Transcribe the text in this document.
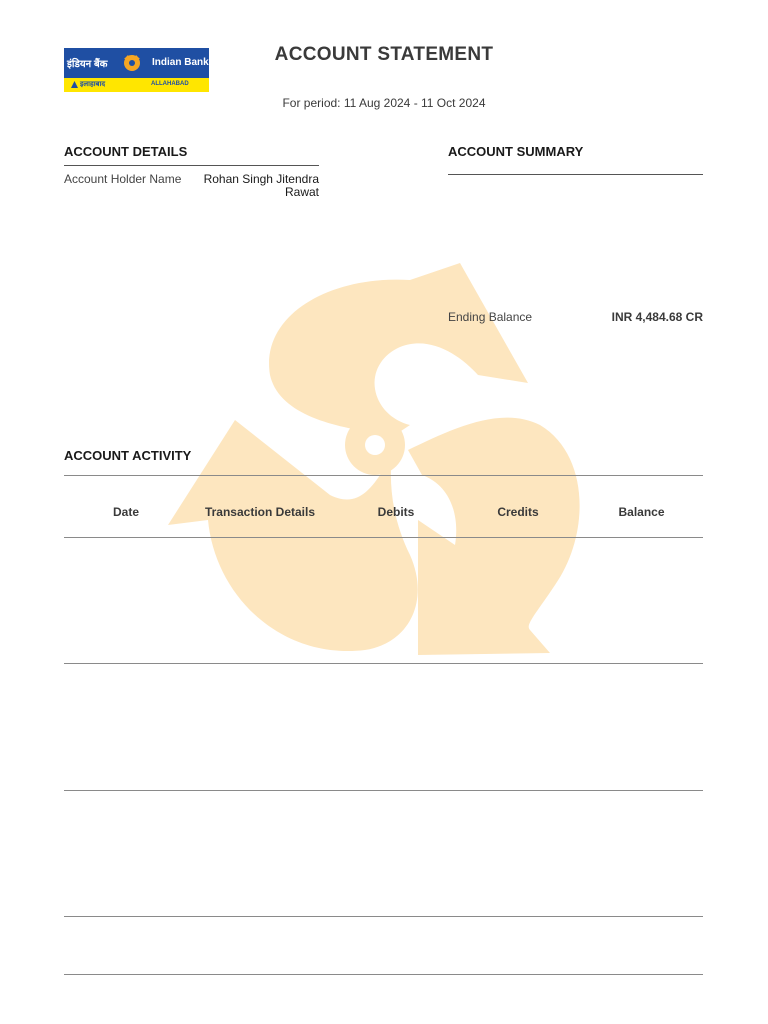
इंडियन बैंक	Indian Bank
इलाहाबाद	ALLAHABAD
ACCOUNT STATEMENT
For period: 11 Aug 2024 - 11 Oct 2024
ACCOUNT DETAILS
Account Holder Name	Rohan Singh Jitendra
Rawat
ACCOUNT SUMMARY
Ending Balance	INR 4,484.68 CR
ACCOUNT ACTIVITY
Date	Transaction Details	Debits	Credits	Balance
